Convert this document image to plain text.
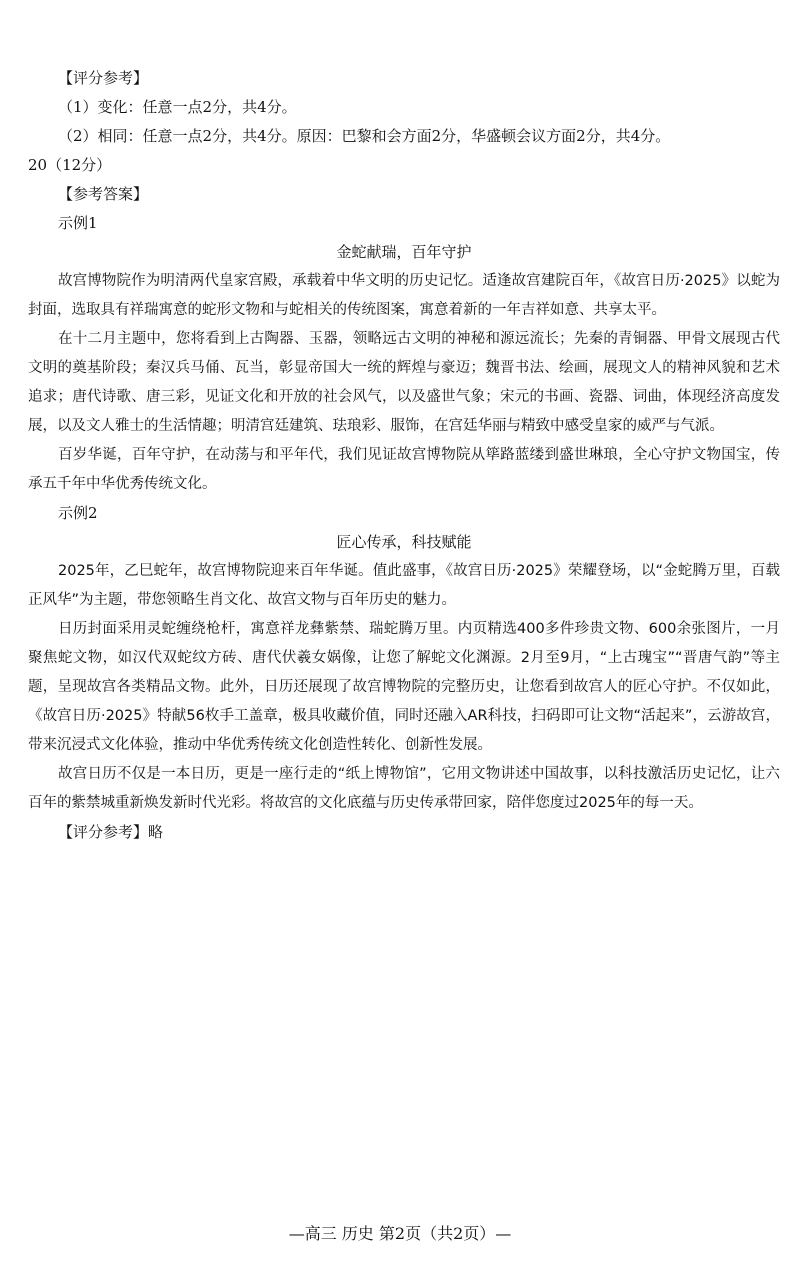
【评分参考】

（1）变化：任意一点2分，共4分。

（2）相同：任意一点2分，共4分。原因：巴黎和会方面2分，华盛顿会议方面2分，共4分。

20（12分）

【参考答案】

示例1

金蛇献瑞，百年守护

故宫博物院作为明清两代皇家宫殿，承载着中华文明的历史记忆。适逢故宫建院百年，《故宫日历·2025》以蛇为封面，选取具有祥瑞寓意的蛇形文物和与蛇相关的传统图案，寓意着新的一年吉祥如意、共享太平。

在十二月主题中，您将看到上古陶器、玉器，领略远古文明的神秘和源远流长；先秦的青铜器、甲骨文展现古代文明的奠基阶段；秦汉兵马俑、瓦当，彰显帝国大一统的辉煌与豪迈；魏晋书法、绘画，展现文人的精神风貌和艺术追求；唐代诗歌、唐三彩，见证文化和开放的社会风气，以及盛世气象；宋元的书画、瓷器、词曲，体现经济高度发展，以及文人雅士的生活情趣；明清宫廷建筑、珐琅彩、服饰，在宫廷华丽与精致中感受皇家的威严与气派。

百岁华诞，百年守护，在动荡与和平年代，我们见证故宫博物院从筚路蓝缕到盛世琳琅，全心守护文物国宝，传承五千年中华优秀传统文化。

示例2

匠心传承，科技赋能

2025年，乙巳蛇年，故宫博物院迎来百年华诞。值此盛事，《故宫日历·2025》荣耀登场，以“金蛇腾万里，百载正风华”为主题，带您领略生肖文化、故宫文物与百年历史的魅力。

日历封面采用灵蛇缠绕枪杆，寓意祥龙彝紫禁、瑞蛇腾万里。内页精选400多件珍贵文物、600余张图片，一月聚焦蛇文物，如汉代双蛇纹方砖、唐代伏羲女娲像，让您了解蛇文化渊源。2月至9月，“上古瑰宝”“晋唐气韵”等主题，呈现故宫各类精品文物。此外，日历还展现了故宫博物院的完整历史，让您看到故宫人的匠心守护。不仅如此，《故宫日历·2025》特献56枚手工盖章，极具收藏价值，同时还融入AR科技，扫码即可让文物“活起来”，云游故宫，带来沉浸式文化体验，推动中华优秀传统文化创造性转化、创新性发展。

故宫日历不仅是一本日历，更是一座行走的“纸上博物馆”，它用文物讲述中国故事，以科技激活历史记忆，让六百年的紫禁城重新焕发新时代光彩。将故宫的文化底蕴与历史传承带回家，陪伴您度过2025年的每一天。

【评分参考】略

—高三 历史 第2页（共2页）—
